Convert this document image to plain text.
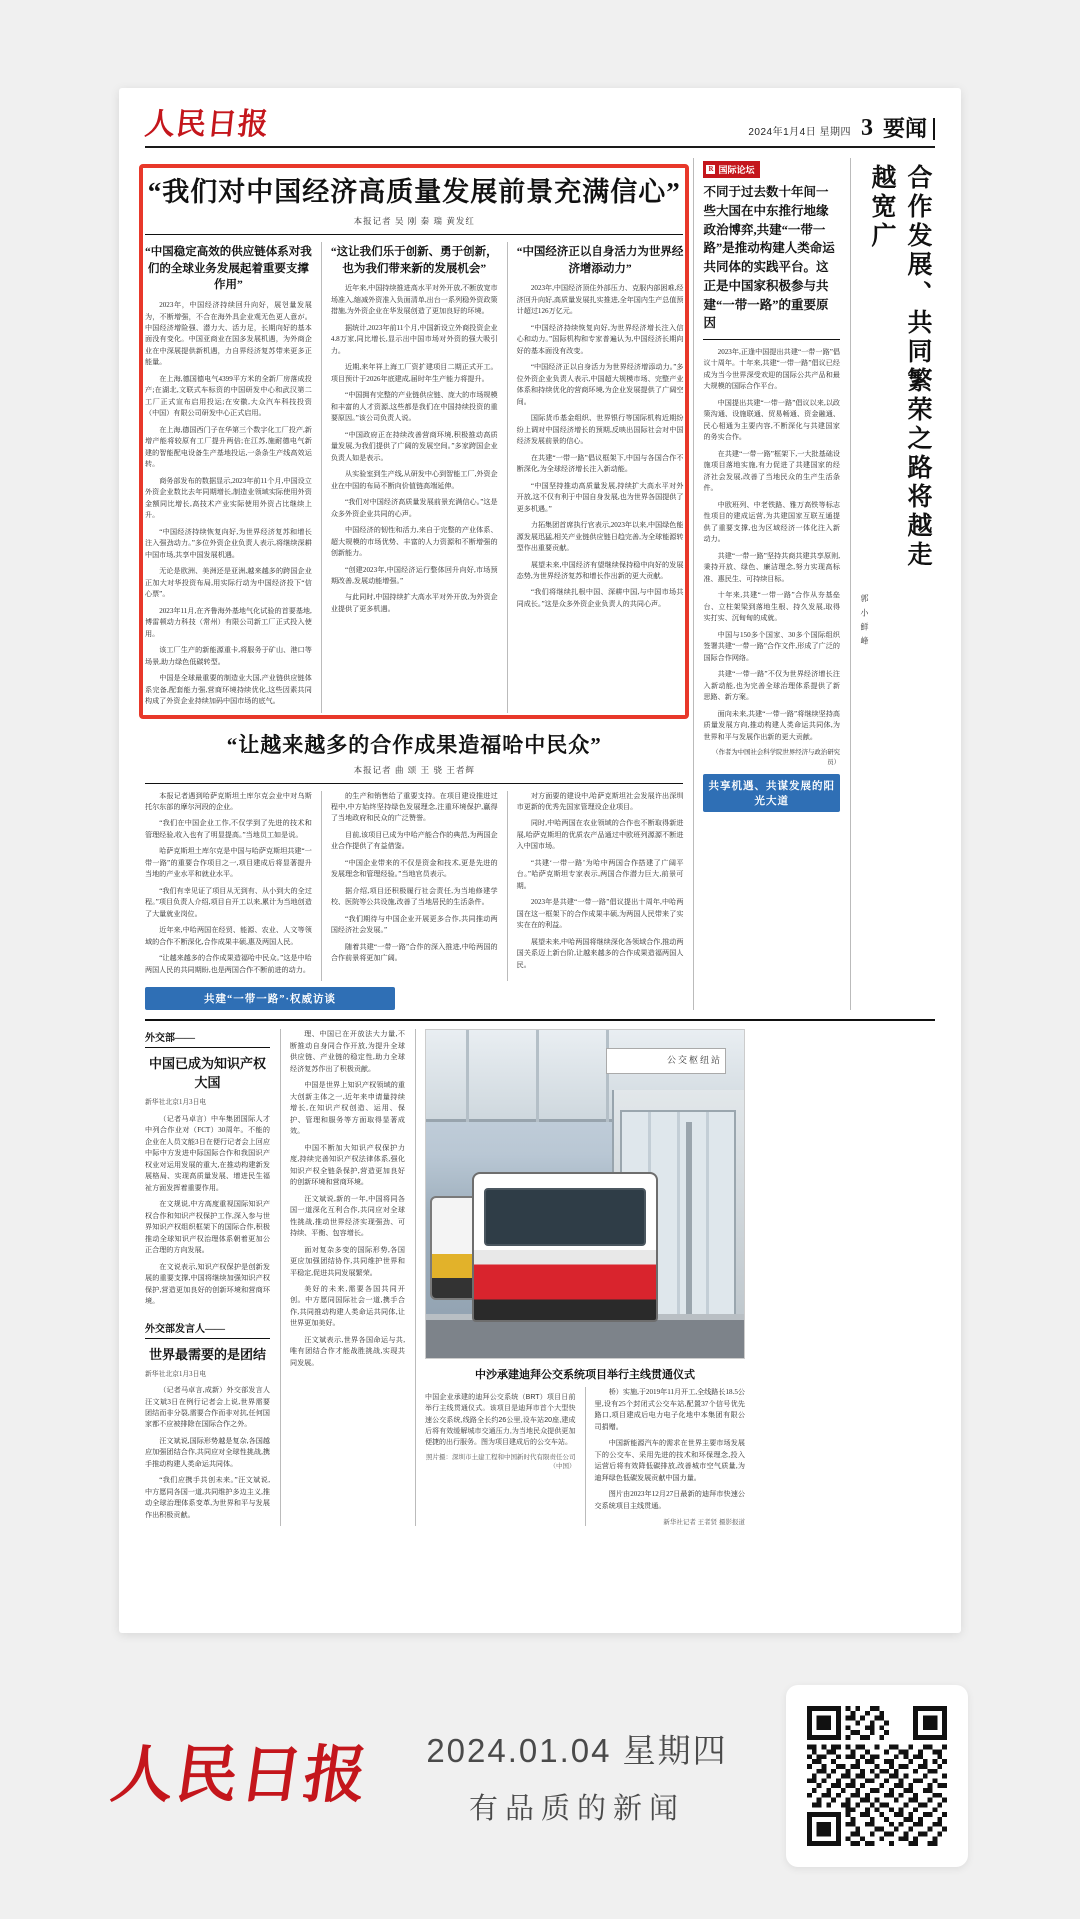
人民日报	2024年1月4日 星期四 3 要闻
“我们对中国经济高质量发展前景充满信心”
本报记者 吴 刚 秦 瑞 黄发红
“中国稳定高效的供应链体系对我们的全球业务发展起着重要支撑作用”

2023年，中国经济持续回升向好，展현量发展为，不断增强，不合在海外具企业观无色更人意が。中国经济增险强、潜力大、活力足，长期向好的基本面没有变化。中国亚商业在国多发展机遇，为外商企业在中深展提供新机遇，力自界经济复苏带来更多正能量。

在上海,德国德电气4399平方米的全新厂房落成投产;在湖北,文联式车标资的中国研发中心和武汉第二工厂正式宣布启用投运;在安徽,大众汽车科技投资（中国）有限公司研发中心正式启用。

在上海,德国西门子在华第三个数字化工厂投产,新增产能将较原有工厂提升两倍;在江苏,施耐德电气新建的智能配电设备生产基地投运,一条条生产线高效运转。

商务部发布的数据显示,2023年前11个月,中国设立外资企业数比去年同期增长,制造业领域实际使用外资金额同比增长,高技术产业实际使用外资占比继续上升。

“中国经济持续恢复向好,为世界经济复苏和增长注入强劲动力。”多位外资企业负责人表示,将继续深耕中国市场,共享中国发展机遇。

无论是欧洲、美洲还是亚洲,越来越多的跨国企业正加大对华投资布局,用实际行动为中国经济投下“信心票”。

2023年11月,在齐鲁海外基地气化试验的首要基地,博雷顿动力科技（常州）有限公司新工厂正式投入使用。

该工厂生产的新能源重卡,将服务于矿山、港口等场景,助力绿色低碳转型。

中国是全球最重要的制造业大国,产业链供应链体系完备,配套能力强,营商环境持续优化,这些因素共同构成了外资企业持续加码中国市场的底气。

“这让我们乐于创新、勇于创新，也为我们带来新的发展机会”

近年来,中国持续推进高水平对外开放,不断放宽市场准入,缩减外资准入负面清单,出台一系列稳外资政策措施,为外资企业在华发展创造了更加良好的环境。

据统计,2023年前11个月,中国新设立外商投资企业4.8万家,同比增长,显示出中国市场对外资的强大吸引力。

近期,来年祥上海工厂资扩建项目二期正式开工。项目预计于2026年底建成,届时年生产能力将提升。

“中国拥有完整的产业链供应链、庞大的市场规模和丰富的人才资源,这些都是我们在中国持续投资的重要原因。”该公司负责人说。

“中国政府正在持续改善营商环境,积极推动高质量发展,为我们提供了广阔的发展空间。”多家跨国企业负责人如是表示。

从实验室到生产线,从研发中心到智能工厂,外资企业在中国的布局不断向价值链高端延伸。

“我们对中国经济高质量发展前景充满信心。”这是众多外资企业共同的心声。

中国经济的韧性和活力,来自于完整的产业体系、超大规模的市场优势、丰富的人力资源和不断增强的创新能力。

“创建2023年,中国经济运行整体回升向好,市场预期改善,发展动能增强。”

与此同时,中国持续扩大高水平对外开放,为外资企业提供了更多机遇。

“中国经济正以自身活力为世界经济增添动力”

2023年,中国经济顶住外部压力、克服内部困难,经济回升向好,高质量发展扎实推进,全年国内生产总值预计超过126万亿元。

“中国经济持续恢复向好,为世界经济增长注入信心和动力。”国际机构和专家普遍认为,中国经济长期向好的基本面没有改变。

“中国经济正以自身活力为世界经济增添动力。”多位外资企业负责人表示,中国超大规模市场、完整产业体系和持续优化的营商环境,为企业发展提供了广阔空间。

国际货币基金组织、世界银行等国际机构近期纷纷上调对中国经济增长的预期,反映出国际社会对中国经济发展前景的信心。

在共建“一带一路”倡议框架下,中国与各国合作不断深化,为全球经济增长注入新动能。

“中国坚持推动高质量发展,持续扩大高水平对外开放,这不仅有利于中国自身发展,也为世界各国提供了更多机遇。”

力拓集团首席执行官表示,2023年以来,中国绿色能源发展迅猛,相关产业链供应链日趋完善,为全球能源转型作出重要贡献。

展望未来,中国经济有望继续保持稳中向好的发展态势,为世界经济复苏和增长作出新的更大贡献。

“我们将继续扎根中国、深耕中国,与中国市场共同成长。”这是众多外资企业负责人的共同心声。

“让越来越多的合作成果造福哈中民众”
本报记者 曲 颂 王 骁 王者辉

本报记者遇到哈萨克斯坦土库尔克会业中对乌斯托尔东部的摩尔河段的企业。

“我们在中国企业工作,不仅学到了先进的技术和管理经验,收入也有了明显提高。”当地员工如是说。

哈萨克斯坦土库尔克是中国与哈萨克斯坦共建“一带一路”的重要合作项目之一,项目建成后将显著提升当地的产业水平和就业水平。

“我们有幸见证了项目从无到有、从小到大的全过程。”项目负责人介绍,项目自开工以来,累计为当地创造了大量就业岗位。

近年来,中哈两国在经贸、能源、农业、人文等领域的合作不断深化,合作成果丰硕,惠及两国人民。

“让越来越多的合作成果造福哈中民众。”这是中哈两国人民的共同期盼,也是两国合作不断前进的动力。

的生产和销售给了重要支持。在项目建设推进过程中,中方始终坚持绿色发展理念,注重环境保护,赢得了当地政府和民众的广泛赞誉。

目前,该项目已成为中哈产能合作的典范,为两国企业合作提供了有益借鉴。

“中国企业带来的不仅是资金和技术,更是先进的发展理念和管理经验。”当地官员表示。

据介绍,项目还积极履行社会责任,为当地修建学校、医院等公共设施,改善了当地居民的生活条件。

“我们期待与中国企业开展更多合作,共同推动两国经济社会发展。”

随着共建“一带一路”合作的深入推进,中哈两国的合作前景将更加广阔。

对方面要的建设中,哈萨克斯坦社会发展许出深圳市更新的优秀先国家管理设企业项目。

同时,中哈两国在农业领域的合作也不断取得新进展,哈萨克斯坦的优质农产品通过中欧班列源源不断进入中国市场。

“共建‘一带一路’为哈中两国合作搭建了广阔平台。”哈萨克斯坦专家表示,两国合作潜力巨大,前景可期。

2023年是共建“一带一路”倡议提出十周年,中哈两国在这一框架下的合作成果丰硕,为两国人民带来了实实在在的利益。

展望未来,中哈两国将继续深化各领域合作,推动两国关系迈上新台阶,让越来越多的合作成果造福两国人民。

共建“一带一路”·权威访谈
R 国际论坛
不同于过去数十年间一些大国在中东推行地缘政治博弈,共建“一带一路”是推动构建人类命运共同体的实践平台。这正是中国家积极参与共建“一带一路”的重要原因

2023年,正逢中国提出共建“一带一路”倡议十周年。十年来,共建“一带一路”倡议已经成为当今世界深受欢迎的国际公共产品和最大规模的国际合作平台。

中国提出共建“一带一路”倡议以来,以政策沟通、设施联通、贸易畅通、资金融通、民心相通为主要内容,不断深化与共建国家的务实合作。

在共建“一带一路”框架下,一大批基础设施项目落地实施,有力促进了共建国家的经济社会发展,改善了当地民众的生产生活条件。

中欧班列、中老铁路、雅万高铁等标志性项目的建成运营,为共建国家互联互通提供了重要支撑,也为区域经济一体化注入新动力。

共建“一带一路”坚持共商共建共享原则,秉持开放、绿色、廉洁理念,努力实现高标准、惠民生、可持续目标。

十年来,共建“一带一路”合作从夯基垒台、立柱架梁到落地生根、持久发展,取得实打实、沉甸甸的成就。

中国与150多个国家、30多个国际组织签署共建“一带一路”合作文件,形成了广泛的国际合作网络。

共建“一带一路”不仅为世界经济增长注入新动能,也为完善全球治理体系提供了新思路、新方案。

面向未来,共建“一带一路”将继续坚持高质量发展方向,推动构建人类命运共同体,为世界和平与发展作出新的更大贡献。

（作者为中国社会科学院世界经济与政治研究员）

共享机遇、共谋发展的阳光大道
合作发展、共同繁荣之路将越走越宽广
郭 小 鲜 峰
外交部——
中国已成为知识产权大国

新华社北京1月3日电

（记者马卓言）中车集团国际人才中列合作业对（FCT）30周年。不能的企业在人员文能3日在便行记者会上回应中际中方发进中际国际合作和我国识产权业对运用发展的重大,在推动构建新发展格局、实现高质量发展、增进民生福祉方面发挥着重要作用。

在文规说,中方高度重视国际知识产权合作和知识产权保护工作,深入参与世界知识产权组织框架下的国际合作,积极推动全球知识产权治理体系朝着更加公正合理的方向发展。

在文说表示,知识产权保护是创新发展的重要支撑,中国将继续加强知识产权保护,营造更加良好的创新环境和营商环境。

外交部发言人——
世界最需要的是团结

新华社北京1月3日电

（记者马卓言,成新）外交部发言人汪文斌3日在例行记者会上说,世界需要团结而非分裂,需要合作而非对抗,任何国家都不应被排除在国际合作之外。

汪文斌说,国际形势越是复杂,各国越应加强团结合作,共同应对全球性挑战,携手推动构建人类命运共同体。

“我们应携手共创未来。”汪文斌说,中方愿同各国一道,共同维护多边主义,推动全球治理体系变革,为世界和平与发展作出积极贡献。

理、中国已在开放法大力量,不断推动自身同合作开放,为提升全球供应链、产业链的稳定性,助力全球经济复苏作出了积极贡献。

中国是世界上知识产权领域的重大创新主体之一,近年来申请量持续增长,在知识产权创造、运用、保护、管理和服务等方面取得显著成效。

中国不断加大知识产权保护力度,持续完善知识产权法律体系,强化知识产权全链条保护,营造更加良好的创新环境和营商环境。

汪文斌说,新的一年,中国将同各国一道深化互利合作,共同应对全球性挑战,推动世界经济实现强劲、可持续、平衡、包容增长。

面对复杂多变的国际形势,各国更应加强团结协作,共同维护世界和平稳定,促进共同发展繁荣。

美好的未来,需要各国共同开创。中方愿同国际社会一道,携手合作,共同推动构建人类命运共同体,让世界更加美好。

汪文斌表示,世界各国命运与共,唯有团结合作才能战胜挑战,实现共同发展。

公交枢纽站
中沙承建迪拜公交系统项目举行主线贯通仪式
中国企业承建的迪拜公交系统（BRT）项目日前举行主线贯通仪式。该项目是迪拜市首个大型快速公交系统,线路全长约26公里,设车站20座,建成后将有效缓解城市交通压力,为当地民众提供更加便捷的出行服务。图为项目建成后的公交车站。
照片摄：深圳市土建工程和中国新时代有限责任公司（中国）

桥）实施,于2019年11月开工,全线路长18.5公里,设有25个封闭式公交车站,配置37个信号优先路口,项目建成后电力电子化地中本集团有限公司捐赠。

中国新能源汽车的需求在世界主要市场发展下的公交车、采用先进的技术和环保理念,投入运营后将有效降低碳排放,改善城市空气质量,为迪拜绿色低碳发展贡献中国力量。

图片由2023年12月27日最新的迪拜市快速公交系统项目主线贯通。

新华社记者 王者贤 摄影报道
人民日报 2024.01.04 星期四
有品质的新闻
